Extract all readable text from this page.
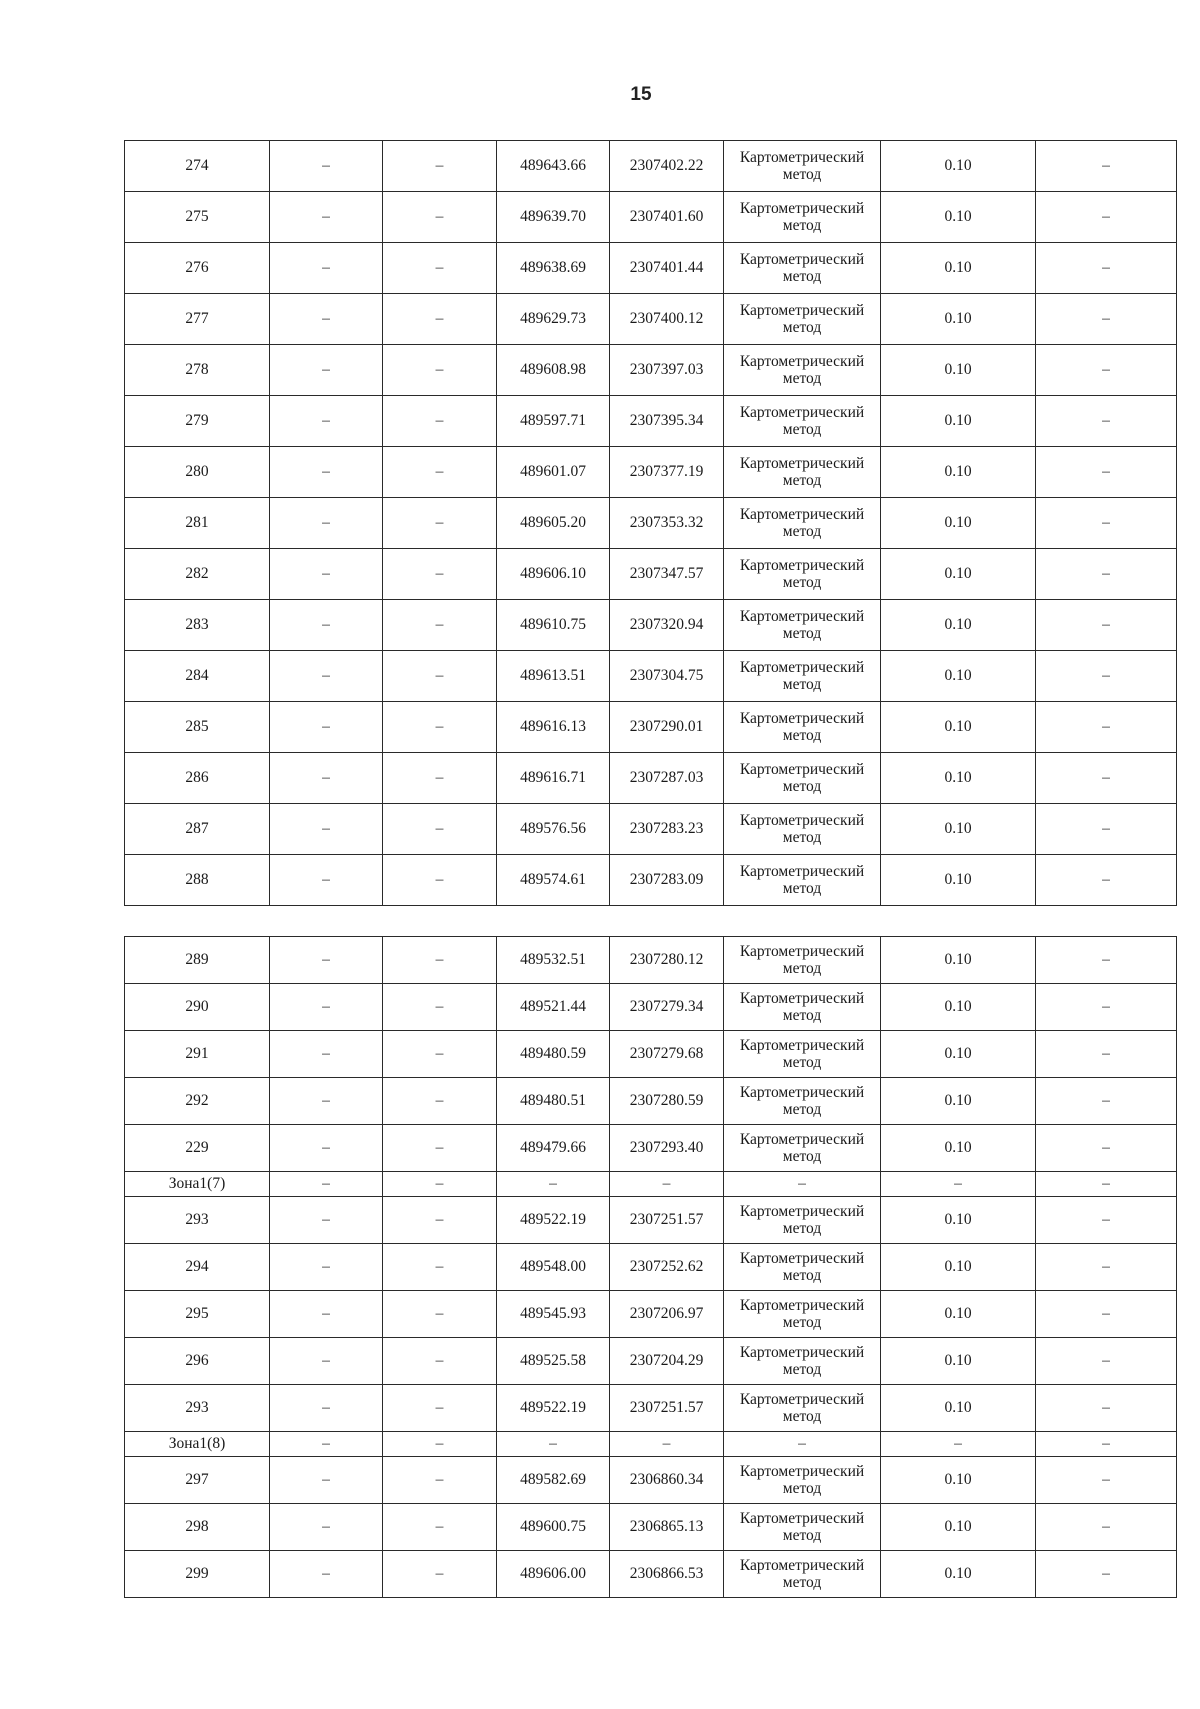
15
274	–	–	489643.66	2307402.22	Картометрический метод	0.10	–
275	–	–	489639.70	2307401.60	Картометрический метод	0.10	–
276	–	–	489638.69	2307401.44	Картометрический метод	0.10	–
277	–	–	489629.73	2307400.12	Картометрический метод	0.10	–
278	–	–	489608.98	2307397.03	Картометрический метод	0.10	–
279	–	–	489597.71	2307395.34	Картометрический метод	0.10	–
280	–	–	489601.07	2307377.19	Картометрический метод	0.10	–
281	–	–	489605.20	2307353.32	Картометрический метод	0.10	–
282	–	–	489606.10	2307347.57	Картометрический метод	0.10	–
283	–	–	489610.75	2307320.94	Картометрический метод	0.10	–
284	–	–	489613.51	2307304.75	Картометрический метод	0.10	–
285	–	–	489616.13	2307290.01	Картометрический метод	0.10	–
286	–	–	489616.71	2307287.03	Картометрический метод	0.10	–
287	–	–	489576.56	2307283.23	Картометрический метод	0.10	–
288	–	–	489574.61	2307283.09	Картометрический метод	0.10	–
289	–	–	489532.51	2307280.12	Картометрический метод	0.10	–
290	–	–	489521.44	2307279.34	Картометрический метод	0.10	–
291	–	–	489480.59	2307279.68	Картометрический метод	0.10	–
292	–	–	489480.51	2307280.59	Картометрический метод	0.10	–
229	–	–	489479.66	2307293.40	Картометрический метод	0.10	–
Зона1(7)	–	–	–	–	–	–	–
293	–	–	489522.19	2307251.57	Картометрический метод	0.10	–
294	–	–	489548.00	2307252.62	Картометрический метод	0.10	–
295	–	–	489545.93	2307206.97	Картометрический метод	0.10	–
296	–	–	489525.58	2307204.29	Картометрический метод	0.10	–
293	–	–	489522.19	2307251.57	Картометрический метод	0.10	–
Зона1(8)	–	–	–	–	–	–	–
297	–	–	489582.69	2306860.34	Картометрический метод	0.10	–
298	–	–	489600.75	2306865.13	Картометрический метод	0.10	–
299	–	–	489606.00	2306866.53	Картометрический метод	0.10	–
